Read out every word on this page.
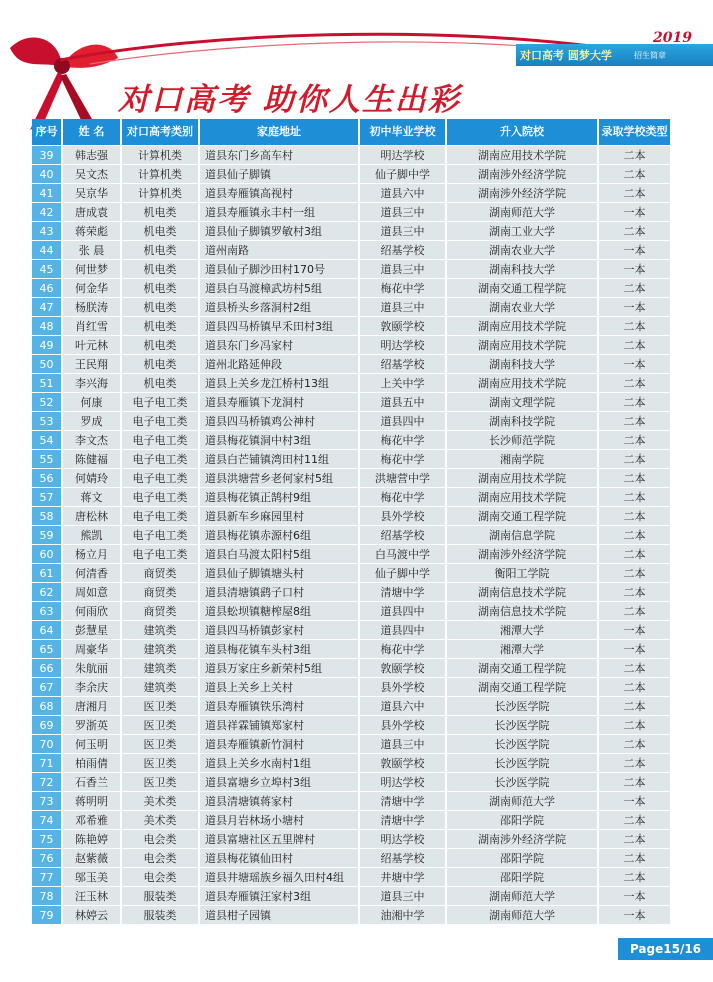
对口高考 圆梦大学	招生简章
2019
对口高考 助你人生出彩
序号	姓 名	对口高考类别	家庭地址	初中毕业学校	升入院校	录取学校类型
39	韩志强	计算机类	道县东门乡高车村	明达学校	湖南应用技术学院	二本
40	吴文杰	计算机类	道县仙子脚镇	仙子脚中学	湖南涉外经济学院	二本
41	吴京华	计算机类	道县寿雁镇高视村	道县六中	湖南涉外经济学院	二本
42	唐成袁	机电类	道县寿雁镇永丰村一组	道县三中	湖南师范大学	一本
43	蒋荣彪	机电类	道县仙子脚镇罗敏村3组	道县三中	湖南工业大学	二本
44	张 晨	机电类	道州南路	绍基学校	湖南农业大学	一本
45	何世梦	机电类	道县仙子脚沙田村170号	道县三中	湖南科技大学	一本
46	何金华	机电类	道县白马渡樟武坊村5组	梅花中学	湖南交通工程学院	二本
47	杨朕涛	机电类	道县桥头乡落洞村2组	道县三中	湖南农业大学	一本
48	肖红雪	机电类	道县四马桥镇早禾田村3组	敦颐学校	湖南应用技术学院	二本
49	叶元林	机电类	道县东门乡冯家村	明达学校	湖南应用技术学院	二本
50	王民翔	机电类	道州北路延伸段	绍基学校	湖南科技大学	一本
51	李兴海	机电类	道县上关乡龙江桥村13组	上关中学	湖南应用技术学院	二本
52	何康	电子电工类	道县寿雁镇下龙洞村	道县五中	湖南文理学院	二本
53	罗成	电子电工类	道县四马桥镇鸡公神村	道县四中	湖南科技学院	二本
54	李文杰	电子电工类	道县梅花镇洞中村3组	梅花中学	长沙师范学院	二本
55	陈健福	电子电工类	道县白芒铺镇湾田村11组	梅花中学	湘南学院	二本
56	何婧玲	电子电工类	道县洪塘营乡老何家村5组	洪塘营中学	湖南应用技术学院	二本
57	蒋文	电子电工类	道县梅花镇正鹄村9组	梅花中学	湖南应用技术学院	二本
58	唐松林	电子电工类	道县新车乡麻园里村	县外学校	湖南交通工程学院	二本
59	熊凯	电子电工类	道县梅花镇赤源村6组	绍基学校	湖南信息学院	二本
60	杨立月	电子电工类	道县白马渡太阳村5组	白马渡中学	湖南涉外经济学院	二本
61	何清香	商贸类	道县仙子脚镇塘头村	仙子脚中学	衡阳工学院	二本
62	周如意	商贸类	道县清塘镇鹞子口村	清塘中学	湖南信息技术学院	二本
63	何雨欣	商贸类	道县蚣坝镇糖榨屋8组	道县四中	湖南信息技术学院	二本
64	彭慧星	建筑类	道县四马桥镇彭家村	道县四中	湘潭大学	一本
65	周豪华	建筑类	道县梅花镇车头村3组	梅花中学	湘潭大学	一本
66	朱航丽	建筑类	道县万家庄乡新荣村5组	敦颐学校	湖南交通工程学院	二本
67	李余庆	建筑类	道县上关乡上关村	县外学校	湖南交通工程学院	二本
68	唐湘月	医卫类	道县寿雁镇铁乐湾村	道县六中	长沙医学院	二本
69	罗浙英	医卫类	道县祥霖铺镇郑家村	县外学校	长沙医学院	二本
70	何玉明	医卫类	道县寿雁镇新竹洞村	道县三中	长沙医学院	二本
71	柏雨倩	医卫类	道县上关乡水南村1组	敦颐学校	长沙医学院	二本
72	石香兰	医卫类	道县富塘乡立埠村3组	明达学校	长沙医学院	二本
73	蒋明明	美术类	道县清塘镇蒋家村	清塘中学	湖南师范大学	一本
74	邓希雅	美术类	道县月岩林场小塘村	清塘中学	邵阳学院	二本
75	陈艳婷	电会类	道县富塘社区五里牌村	明达学校	湖南涉外经济学院	二本
76	赵紫薇	电会类	道县梅花镇仙田村	绍基学校	邵阳学院	二本
77	邬玉美	电会类	道县井塘瑶族乡福久田村4组	井塘中学	邵阳学院	二本
78	汪玉林	服装类	道县寿雁镇汪家村3组	道县三中	湖南师范大学	一本
79	林婷云	服装类	道县柑子园镇	油湘中学	湖南师范大学	一本
Page15/16
